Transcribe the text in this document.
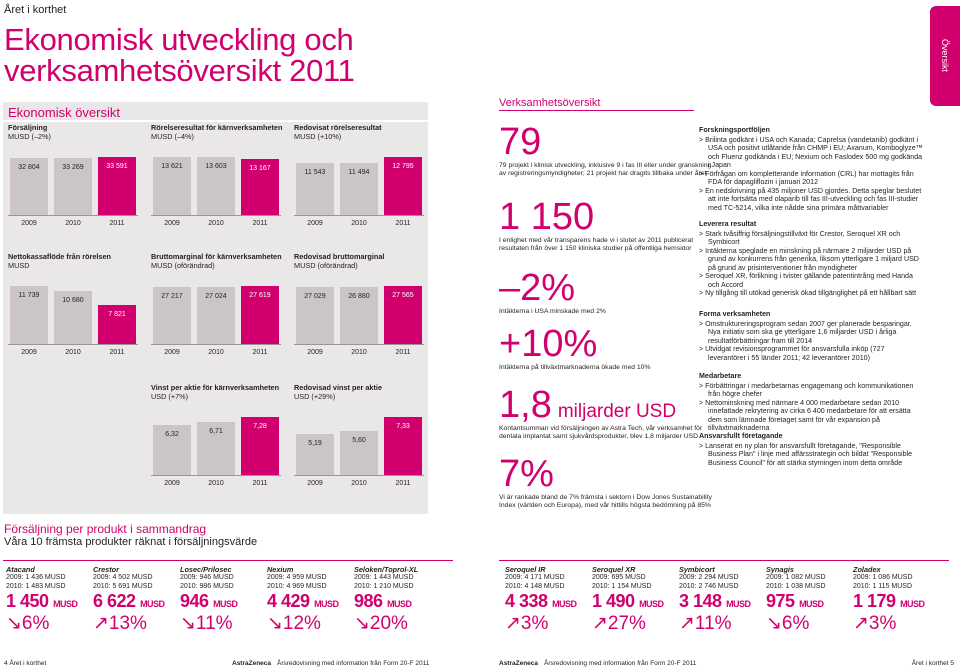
Året i korthet
Ekonomisk utveckling och
verksamhetsöversikt 2011	Översikt
Ekonomisk översikt
Försäljning
MUSD (–2%)
32 804
2009
33 269
2010
33 591
2011
Rörelseresultat för kärnverksamheten
MUSD (–4%)
13 621
2009
13 603
2010
13 167
2011
Redovisat rörelseresultat
MUSD (+10%)
11 543
2009
11 494
2010
12 795
2011
Nettokassaflöde från rörelsen
MUSD
11 739
2009
10 680
2010
7 821
2011
Bruttomarginal för kärnverksamheten
MUSD (oförändrad)
27 217
2009
27 024
2010
27 619
2011
Redovisad bruttomarginal
MUSD (oförändrad)
27 029
2009
26 880
2010
27 565
2011
Vinst per aktie för kärnverksamheten
USD (+7%)
6,32
2009
6,71
2010
7,28
2011
Redovisad vinst per aktie
USD (+29%)
5,19
2009
5,60
2010
7,33
2011
Verksamhetsöversikt
79
79 projekt i klinisk utveckling, inklusive 9 i fas III eller under granskning av registreringsmyndigheter; 21 projekt har dragits tillbaka under året
1 150
I enlighet med vår transparens hade vi i slutet av 2011 publicerat resultaten från över 1 150 kliniska studier på offentliga hemsidor
–2%
Intäkterna i USA minskade med 2%
+10%
Intäkterna på tillväxtmarknaderna ökade med 10%
1,8 miljarder USD
Kontantsumman vid försäljningen av Astra Tech, vår verksamhet för dentala implantat samt sjukvårdsprodukter, blev 1,8 miljarder USD
7%
Vi är rankade bland de 7% främsta i sektorn i Dow Jones Sustainability Index (världen och Europa), med vår hittills högsta bedömning på 85%
Forskningsportföljen
> Brilinta godkänt i USA och Kanada; Caprelsa (vandetanib) godkänt i USA och positivt utlåtande från CHMP i EU; Axanum, Komboglyze™ och Fluenz godkända i EU; Nexium och Faslodex 500 mg godkända i Japan
> Förfrågan om kompletterande information (CRL) har mottagits från FDA för dapagliflozin i januari 2012
> En nedskrivning på 435 miljoner USD gjordes. Detta speglar beslutet att inte fortsätta med olaparib till fas III-utveckling och fas III-studier med TC-5214, vilka inte nådde sina primära måttvariabler
Leverera resultat
> Stark tvåsiffrig försäljningstillväxt för Crestor, Seroquel XR och Symbicort
> Intäkterna speglade en minskning på närmare 2 miljarder USD på grund av konkurrens från generika, liksom ytterligare 1 miljard USD på grund av prisinterventioner från myndigheter
> Seroquel XR, förlikning i tvister gällande patentintrång med Handa och Accord
> Ny tillgång till utökad generisk ökad tillgänglighet på ett hållbart sätt
Forma verksamheten
> Omstruktureringsprogram sedan 2007 ger planerade besparingar. Nya initiativ som ska ge ytterligare 1,6 miljarder USD i årliga resultatförbättringar fram till 2014
> Utvidgat revisionsprogrammet för ansvarsfulla inköp (727 leverantörer i 55 länder 2011; 42 leverantörer 2010)
Medarbetare
> Förbättringar i medarbetarnas engagemang och kommunikationen från högre chefer
> Nettominskning med närmare 4 000 medarbetare sedan 2010 innefattade rekrytering av cirka 6 400 medarbetare för att ersätta dem som lämnade företaget samt för vår expansion på tillväxtmarknaderna
Ansvarsfullt företagande
> Lanserat en ny plan för ansvarsfullt företagande, "Responsible Business Plan" i linje med affärsstrategin och bildat "Responsible Business Council" för att stärka styrningen inom detta område
Försäljning per produkt i sammandrag
Våra 10 främsta produkter räknat i försäljningsvärde
Atacand
2009: 1 436 MUSD
2010: 1 483 MUSD
1 450 MUSD
↘6%
Crestor
2009: 4 502 MUSD
2010: 5 691 MUSD
6 622 MUSD
↗13%
Losec/Prilosec
2009: 946 MUSD
2010: 986 MUSD
946 MUSD
↘11%
Nexium
2009: 4 959 MUSD
2010: 4 969 MUSD
4 429 MUSD
↘12%
Seloken/Toprol-XL
2009: 1 443 MUSD
2010: 1 210 MUSD
986 MUSD
↘20%
Seroquel IR
2009: 4 171 MUSD
2010: 4 148 MUSD
4 338 MUSD
↗3%
Seroquel XR
2009: 695 MUSD
2010: 1 154 MUSD
1 490 MUSD
↗27%
Symbicort
2009: 2 294 MUSD
2010: 2 746 MUSD
3 148 MUSD
↗11%
Synagis
2009: 1 082 MUSD
2010: 1 038 MUSD
975 MUSD
↘6%
Zoladex
2009: 1 086 MUSD
2010: 1 115 MUSD
1 179 MUSD
↗3%
4 Året i korthet	AstraZeneca Årsredovisning med information från Form 20-F 2011	AstraZeneca Årsredovisning med information från Form 20-F 2011	Året i korthet 5
